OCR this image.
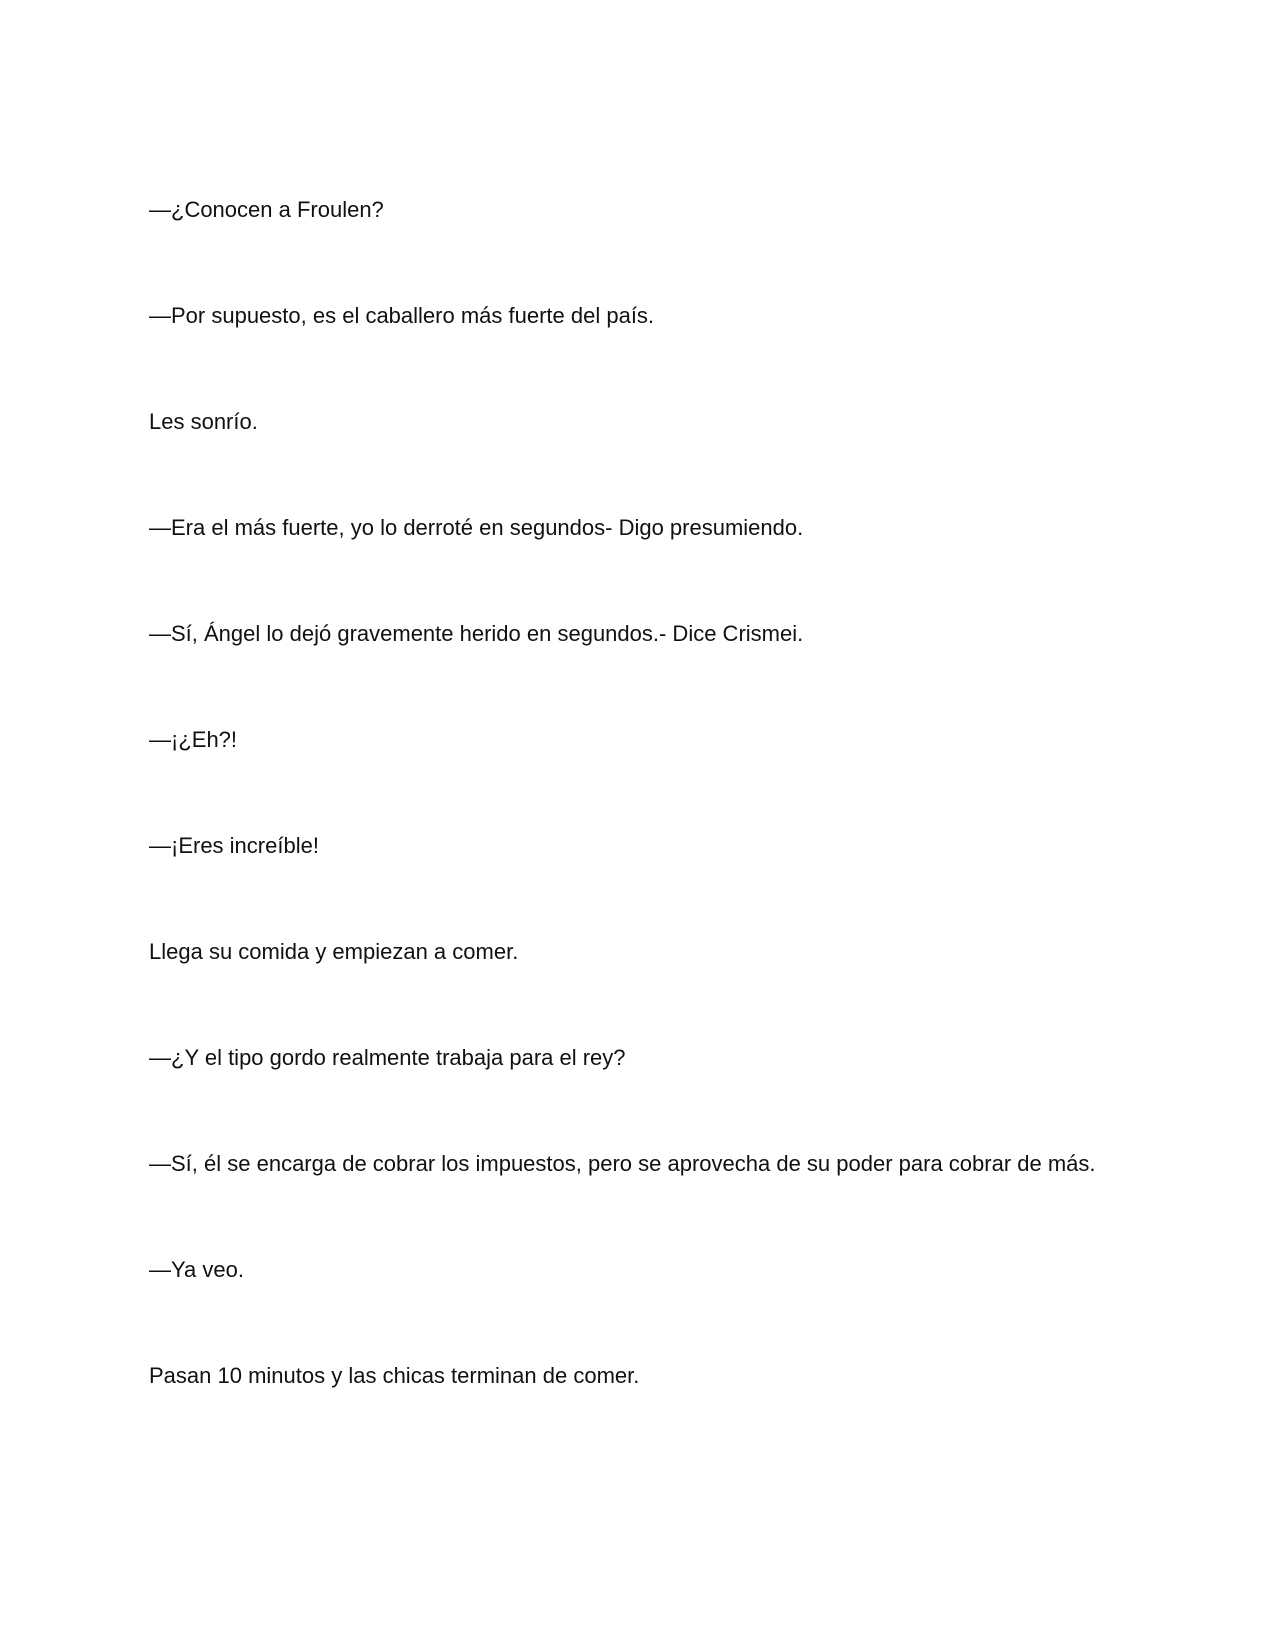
—¿Conocen a Froulen?

—Por supuesto, es el caballero más fuerte del país.

Les sonrío.

—Era el más fuerte, yo lo derroté en segundos- Digo presumiendo.

—Sí, Ángel lo dejó gravemente herido en segundos.- Dice Crismei.

—¡¿Eh?!

—¡Eres increíble!

Llega su comida y empiezan a comer.

—¿Y el tipo gordo realmente trabaja para el rey?

—Sí, él se encarga de cobrar los impuestos, pero se aprovecha de su poder para cobrar de más.

—Ya veo.

Pasan 10 minutos y las chicas terminan de comer.
